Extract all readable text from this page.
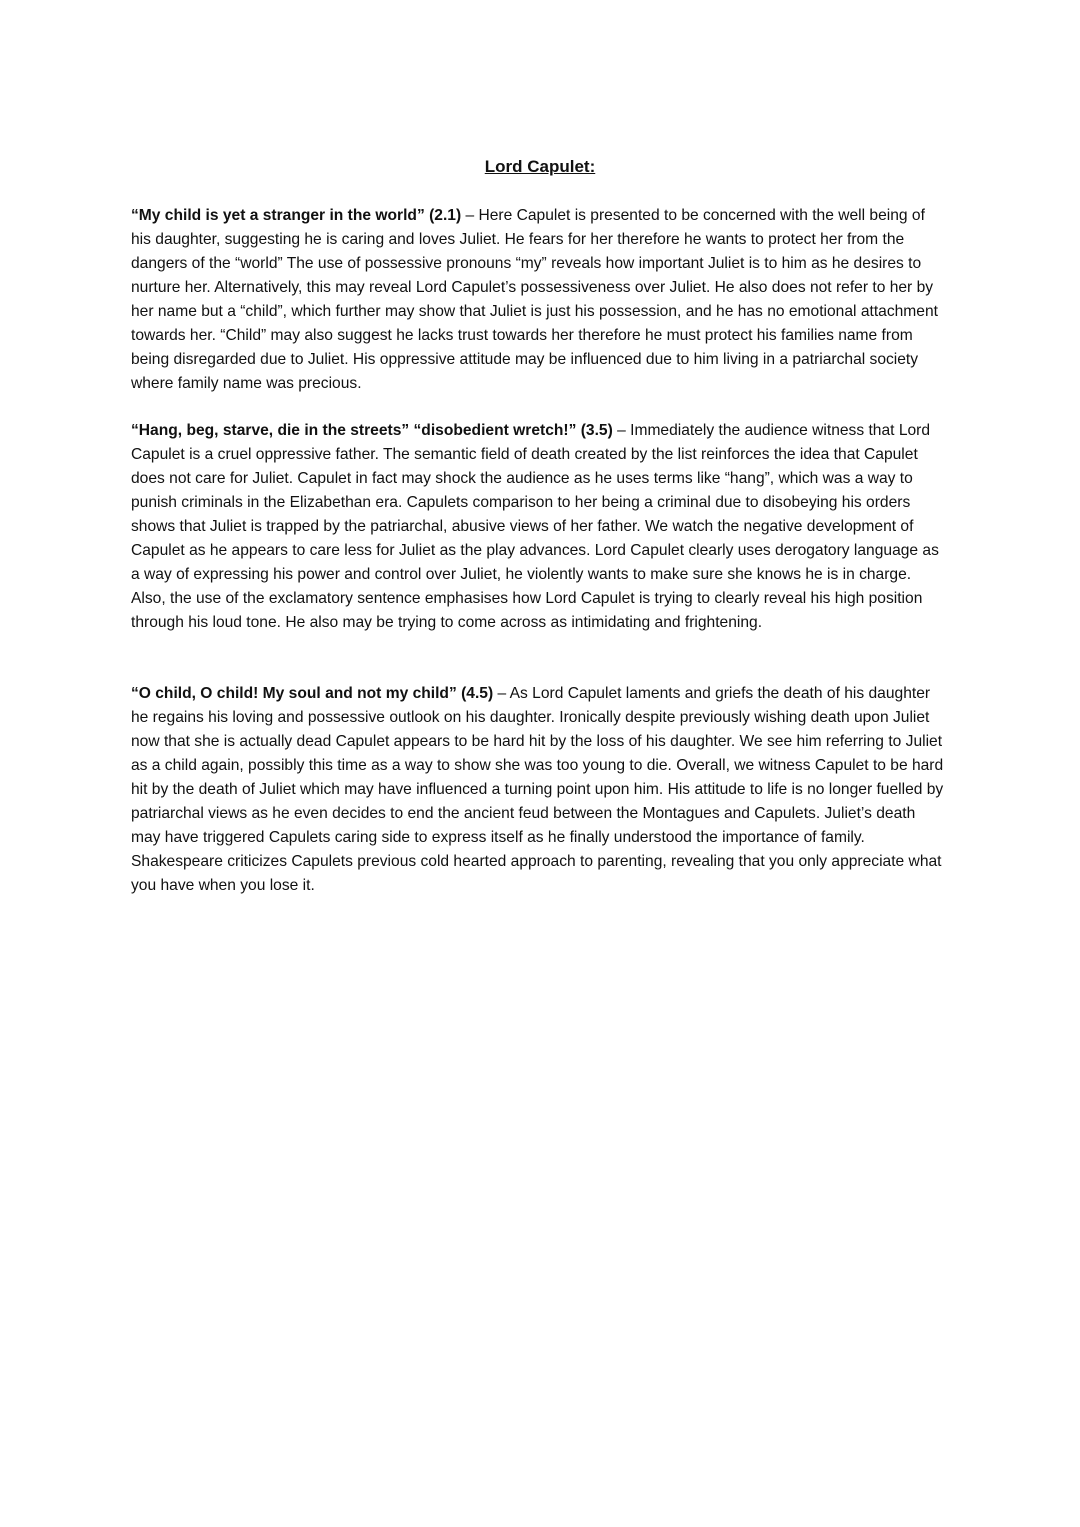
Lord Capulet:

“My child is yet a stranger in the world” (2.1) – Here Capulet is presented to be concerned with the well being of his daughter, suggesting he is caring and loves Juliet. He fears for her therefore he wants to protect her from the dangers of the “world” The use of possessive pronouns “my” reveals how important Juliet is to him as he desires to nurture her. Alternatively, this may reveal Lord Capulet’s possessiveness over Juliet. He also does not refer to her by her name but a “child”, which further may show that Juliet is just his possession, and he has no emotional attachment towards her. “Child” may also suggest he lacks trust towards her therefore he must protect his families name from being disregarded due to Juliet. His oppressive attitude may be influenced due to him living in a patriarchal society where family name was precious.

“Hang, beg, starve, die in the streets” “disobedient wretch!” (3.5) – Immediately the audience witness that Lord Capulet is a cruel oppressive father. The semantic field of death created by the list reinforces the idea that Capulet does not care for Juliet. Capulet in fact may shock the audience as he uses terms like “hang”, which was a way to punish criminals in the Elizabethan era. Capulets comparison to her being a criminal due to disobeying his orders shows that Juliet is trapped by the patriarchal, abusive views of her father. We watch the negative development of Capulet as he appears to care less for Juliet as the play advances. Lord Capulet clearly uses derogatory language as a way of expressing his power and control over Juliet, he violently wants to make sure she knows he is in charge. Also, the use of the exclamatory sentence emphasises how Lord Capulet is trying to clearly reveal his high position through his loud tone. He also may be trying to come across as intimidating and frightening.

“O child, O child! My soul and not my child” (4.5) – As Lord Capulet laments and griefs the death of his daughter he regains his loving and possessive outlook on his daughter. Ironically despite previously wishing death upon Juliet now that she is actually dead Capulet appears to be hard hit by the loss of his daughter. We see him referring to Juliet as a child again, possibly this time as a way to show she was too young to die. Overall, we witness Capulet to be hard hit by the death of Juliet which may have influenced a turning point upon him. His attitude to life is no longer fuelled by patriarchal views as he even decides to end the ancient feud between the Montagues and Capulets. Juliet’s death may have triggered Capulets caring side to express itself as he finally understood the importance of family. Shakespeare criticizes Capulets previous cold hearted approach to parenting, revealing that you only appreciate what you have when you lose it.
